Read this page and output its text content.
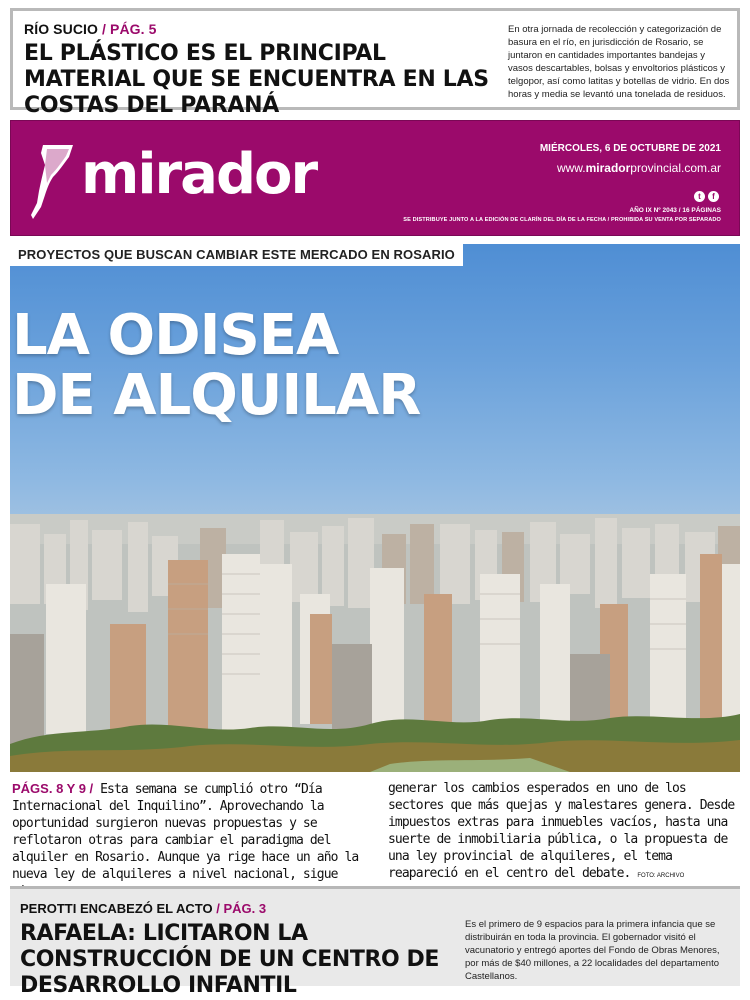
RÍO SUCIO / PÁG. 5
EL PLÁSTICO ES EL PRINCIPAL MATERIAL QUE SE ENCUENTRA EN LAS COSTAS DEL PARANÁ
En otra jornada de recolección y categorización de basura en el río, en jurisdicción de Rosario, se juntaron en cantidades importantes bandejas y vasos descartables, bolsas y envoltorios plásticos y telgopor, así como latitas y botellas de vidrio. En dos horas y media se levantó una tonelada de residuos.
mirador	MIÉRCOLES, 6 DE OCTUBRE DE 2021
www.miradorprovincial.com.ar
t	f
AÑO IX Nº 2043 / 16 PÁGINAS
SE DISTRIBUYE JUNTO A LA EDICIÓN DE CLARÍN DEL DÍA DE LA FECHA / PROHIBIDA SU VENTA POR SEPARADO
PROYECTOS QUE BUSCAN CAMBIAR ESTE MERCADO EN ROSARIO
LA ODISEA
DE ALQUILAR
PÁGS. 8 Y 9 / Esta semana se cumplió otro “Día Internacional del Inquilino”. Aprovechando la oportunidad surgieron nuevas propuestas y se reflotaron otras para cambiar el paradigma del alquiler en Rosario. Aunque ya rige hace un año la nueva ley de alquileres a nivel nacional, sigue
generar los cambios esperados en uno de los sectores que más quejas y malestares genera. Desde impuestos extras para inmuebles vacíos, hasta una suerte de inmobiliaria pública, o la propuesta de una ley provincial de alquileres, el tema reapareció en el centro del debate. FOTO: ARCHIVO
PEROTTI ENCABEZÓ EL ACTO / PÁG. 3
RAFAELA: LICITARON LA CONSTRUCCIÓN DE UN CENTRO DE DESARROLLO INFANTIL
Es el primero de 9 espacios para la primera infancia que se distribuirán en toda la provincia. El gobernador visitó el vacunatorio y entregó aportes del Fondo de Obras Menores, por más de $40 millones, a 22 localidades del departamento Castellanos.
